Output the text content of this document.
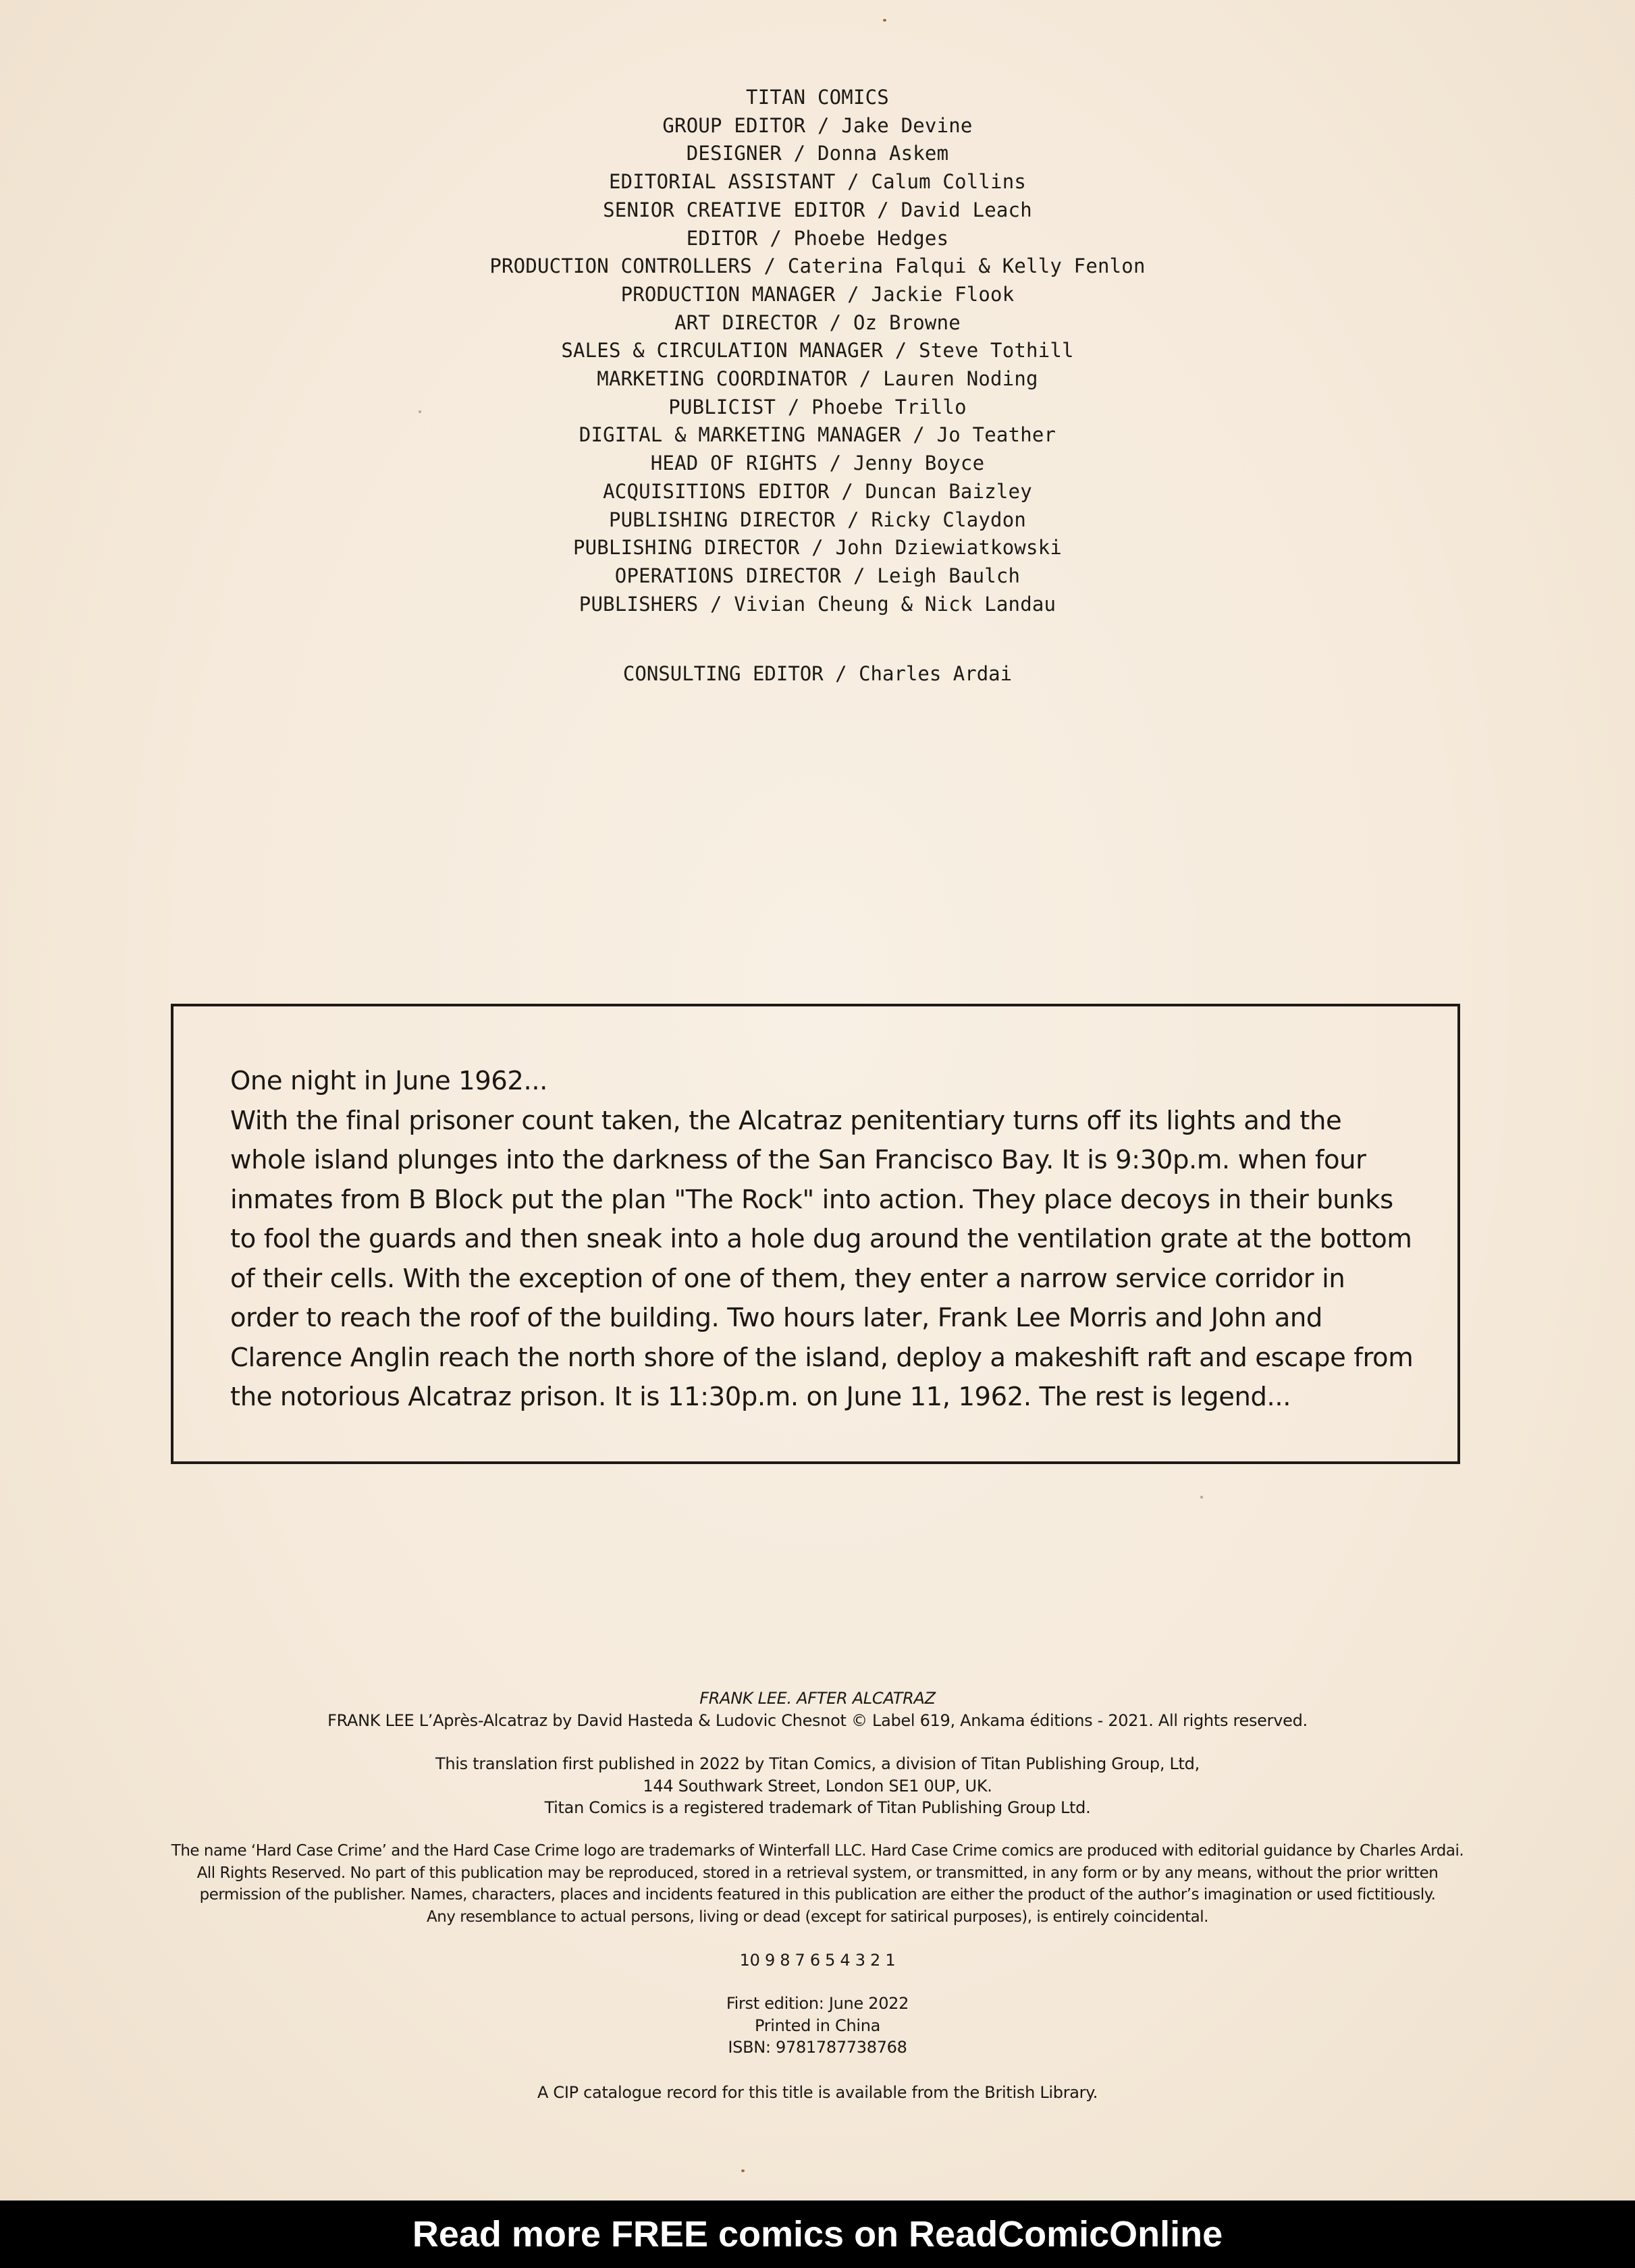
TITAN COMICS
GROUP EDITOR / Jake Devine
DESIGNER / Donna Askem
EDITORIAL ASSISTANT / Calum Collins
SENIOR CREATIVE EDITOR / David Leach
EDITOR / Phoebe Hedges
PRODUCTION CONTROLLERS / Caterina Falqui & Kelly Fenlon
PRODUCTION MANAGER / Jackie Flook
ART DIRECTOR / Oz Browne
SALES & CIRCULATION MANAGER / Steve Tothill
MARKETING COORDINATOR / Lauren Noding
PUBLICIST / Phoebe Trillo
DIGITAL & MARKETING MANAGER / Jo Teather
HEAD OF RIGHTS / Jenny Boyce
ACQUISITIONS EDITOR / Duncan Baizley
PUBLISHING DIRECTOR / Ricky Claydon
PUBLISHING DIRECTOR / John Dziewiatkowski
OPERATIONS DIRECTOR / Leigh Baulch
PUBLISHERS / Vivian Cheung & Nick Landau
CONSULTING EDITOR / Charles Ardai

One night in June 1962...

With the final prisoner count taken, the Alcatraz penitentiary turns off its lights and the whole island plunges into the darkness of the San Francisco Bay. It is 9:30p.m. when four inmates from B Block put the plan "The Rock" into action. They place decoys in their bunks to fool the guards and then sneak into a hole dug around the ventilation grate at the bottom of their cells. With the exception of one of them, they enter a narrow service corridor in order to reach the roof of the building. Two hours later, Frank Lee Morris and John and Clarence Anglin reach the north shore of the island, deploy a makeshift raft and escape from the notorious Alcatraz prison. It is 11:30p.m. on June 11, 1962. The rest is legend...

FRANK LEE. AFTER ALCATRAZ
FRANK LEE L’Après-Alcatraz by David Hasteda & Ludovic Chesnot © Label 619, Ankama éditions - 2021. All rights reserved.
This translation first published in 2022 by Titan Comics, a division of Titan Publishing Group, Ltd,
144 Southwark Street, London SE1 0UP, UK.
Titan Comics is a registered trademark of Titan Publishing Group Ltd.
The name ‘Hard Case Crime’ and the Hard Case Crime logo are trademarks of Winterfall LLC. Hard Case Crime comics are produced with editorial guidance by Charles Ardai.
All Rights Reserved. No part of this publication may be reproduced, stored in a retrieval system, or transmitted, in any form or by any means, without the prior written
permission of the publisher. Names, characters, places and incidents featured in this publication are either the product of the author’s imagination or used fictitiously.
Any resemblance to actual persons, living or dead (except for satirical purposes), is entirely coincidental.
10 9 8 7 6 5 4 3 2 1
First edition: June 2022
Printed in China
ISBN: 9781787738768
A CIP catalogue record for this title is available from the British Library.
Read more FREE comics on ReadComicOnline
